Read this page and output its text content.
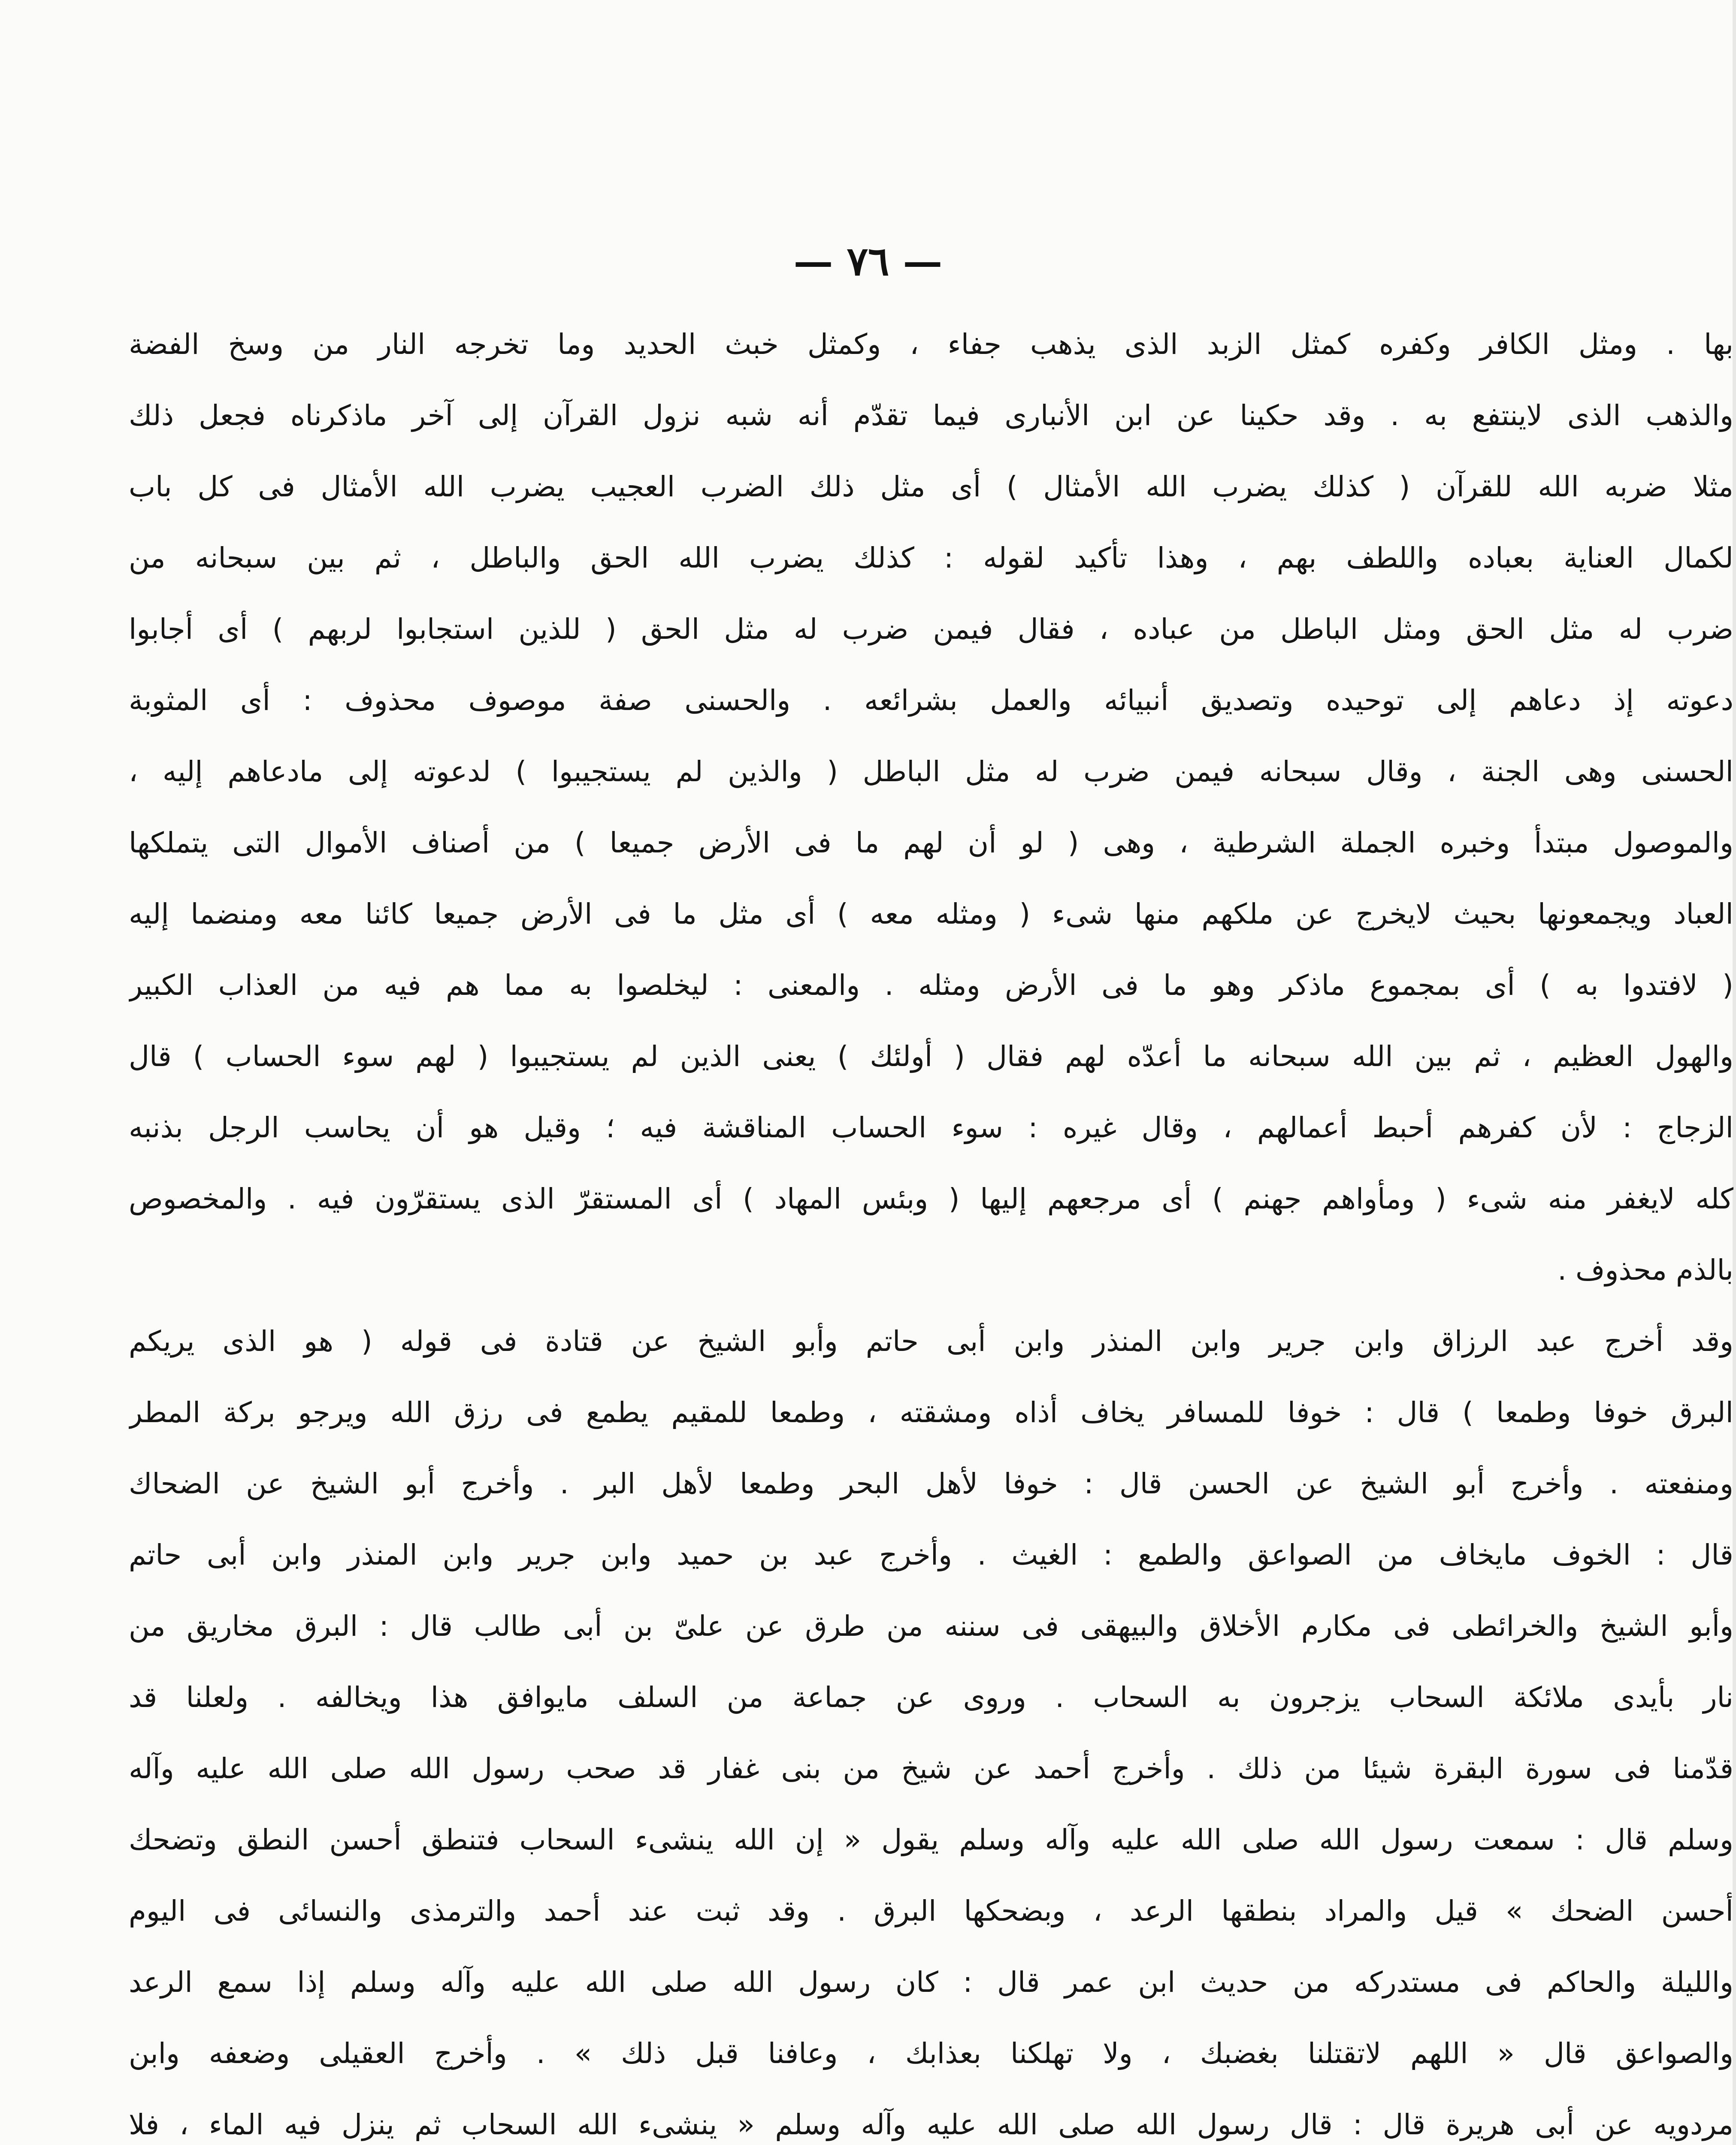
— ٧٦ —
بها . ومثل الكافر وكفره كمثل الزبد الذى يذهب جفاء ، وكمثل خبث الحديد وما تخرجه النار من وسخ الفضة
والذهب الذى لاينتفع به . وقد حكينا عن ابن الأنبارى فيما تقدّم أنه شبه نزول القرآن إلى آخر ماذكرناه فجعل ذلك
مثلا ضربه الله للقرآن ( كذلك يضرب الله الأمثال ) أى مثل ذلك الضرب العجيب يضرب الله الأمثال فى كل باب
لكمال العناية بعباده واللطف بهم ، وهذا تأكيد لقوله : كذلك يضرب الله الحق والباطل ، ثم بين سبحانه من
ضرب له مثل الحق ومثل الباطل من عباده ، فقال فيمن ضرب له مثل الحق ( للذين استجابوا لربهم ) أى أجابوا
دعوته إذ دعاهم إلى توحيده وتصديق أنبيائه والعمل بشرائعه . والحسنى صفة موصوف محذوف : أى المثوبة
الحسنى وهى الجنة ، وقال سبحانه فيمن ضرب له مثل الباطل ( والذين لم يستجيبوا ) لدعوته إلى مادعاهم إليه ،
والموصول مبتدأ وخبره الجملة الشرطية ، وهى ( لو أن لهم ما فى الأرض جميعا ) من أصناف الأموال التى يتملكها
العباد ويجمعونها بحيث لايخرج عن ملكهم منها شىء ( ومثله معه ) أى مثل ما فى الأرض جميعا كائنا معه ومنضما إليه
( لافتدوا به ) أى بمجموع ماذكر وهو ما فى الأرض ومثله . والمعنى : ليخلصوا به مما هم فيه من العذاب الكبير
والهول العظيم ، ثم بين الله سبحانه ما أعدّه لهم فقال ( أولئك ) يعنى الذين لم يستجيبوا ( لهم سوء الحساب ) قال
الزجاج : لأن كفرهم أحبط أعمالهم ، وقال غيره : سوء الحساب المناقشة فيه ؛ وقيل هو أن يحاسب الرجل بذنبه
كله لايغفر منه شىء ( ومأواهم جهنم ) أى مرجعهم إليها ( وبئس المهاد ) أى المستقرّ الذى يستقرّون فيه . والمخصوص
بالذم محذوف .
وقد أخرج عبد الرزاق وابن جرير وابن المنذر وابن أبى حاتم وأبو الشيخ عن قتادة فى قوله ( هو الذى يريكم
البرق خوفا وطمعا ) قال : خوفا للمسافر يخاف أذاه ومشقته ، وطمعا للمقيم يطمع فى رزق الله ويرجو بركة المطر
ومنفعته . وأخرج أبو الشيخ عن الحسن قال : خوفا لأهل البحر وطمعا لأهل البر . وأخرج أبو الشيخ عن الضحاك
قال : الخوف مايخاف من الصواعق والطمع : الغيث . وأخرج عبد بن حميد وابن جرير وابن المنذر وابن أبى حاتم
وأبو الشيخ والخرائطى فى مكارم الأخلاق والبيهقى فى سننه من طرق عن علىّ بن أبى طالب قال : البرق مخاريق من
نار بأيدى ملائكة السحاب يزجرون به السحاب . وروى عن جماعة من السلف مايوافق هذا ويخالفه . ولعلنا قد
قدّمنا فى سورة البقرة شيئا من ذلك . وأخرج أحمد عن شيخ من بنى غفار قد صحب رسول الله صلى الله عليه وآله
وسلم قال : سمعت رسول الله صلى الله عليه وآله وسلم يقول « إن الله ينشىء السحاب فتنطق أحسن النطق وتضحك
أحسن الضحك » قيل والمراد بنطقها الرعد ، وبضحكها البرق . وقد ثبت عند أحمد والترمذى والنسائى فى اليوم
والليلة والحاكم فى مستدركه من حديث ابن عمر قال : كان رسول الله صلى الله عليه وآله وسلم إذا سمع الرعد
والصواعق قال « اللهم لاتقتلنا بغضبك ، ولا تهلكنا بعذابك ، وعافنا قبل ذلك » . وأخرج العقيلى وضعفه وابن
مردويه عن أبى هريرة قال : قال رسول الله صلى الله عليه وآله وسلم « ينشىء الله السحاب ثم ينزل فيه الماء ، فلا
